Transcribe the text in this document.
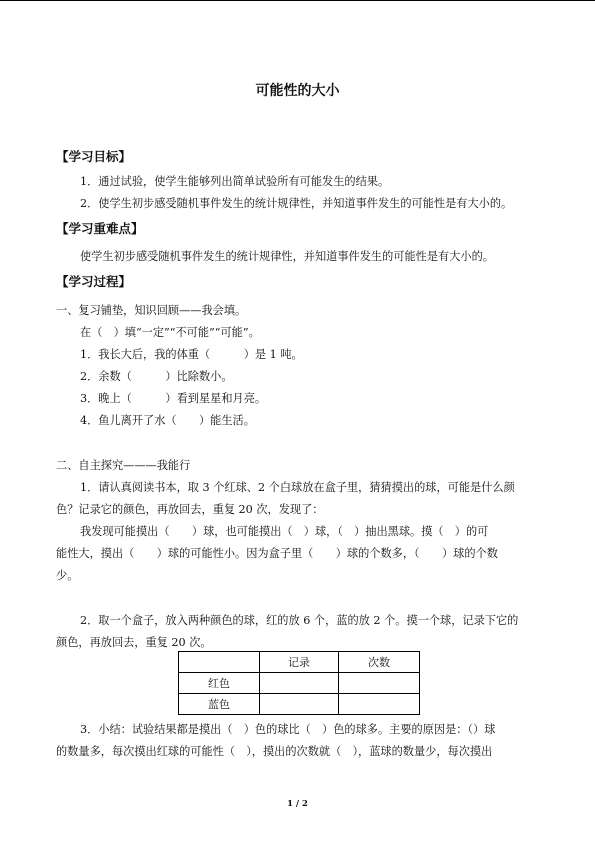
可能性的大小
【学习目标】
1．通过试验，使学生能够列出简单试验所有可能发生的结果。
2．使学生初步感受随机事件发生的统计规律性，并知道事件发生的可能性是有大小的。
【学习重难点】
使学生初步感受随机事件发生的统计规律性，并知道事件发生的可能性是有大小的。
【学习过程】
一、复习铺垫，知识回顾——我会填。
在（　）填“一定”“不可能”“可能”。
1．我长大后，我的体重（　　　）是 1 吨。
2．余数（　　　）比除数小。
3．晚上（　　　）看到星星和月亮。
4．鱼儿离开了水（　　）能生活。
二、自主探究———我能行
1．请认真阅读书本，取 3 个红球、2 个白球放在盒子里，猜猜摸出的球，可能是什么颜
色？记录它的颜色，再放回去，重复 20 次，发现了：
我发现可能摸出（　　）球，也可能摸出（　）球，（　）抽出黑球。摸（　）的可
能性大，摸出（　　）球的可能性小。因为盒子里（　　）球的个数多，（　　）球的个数
少。
2．取一个盒子，放入两种颜色的球，红的放 6 个，蓝的放 2 个。摸一个球，记录下它的
颜色，再放回去，重复 20 次。
	记录	次数
红色		
蓝色		
3．小结：试验结果都是摸出（　）色的球比（　）色的球多。主要的原因是：（）球
的数量多，每次摸出红球的可能性（　），摸出的次数就（　），蓝球的数量少，每次摸出
1 / 2
